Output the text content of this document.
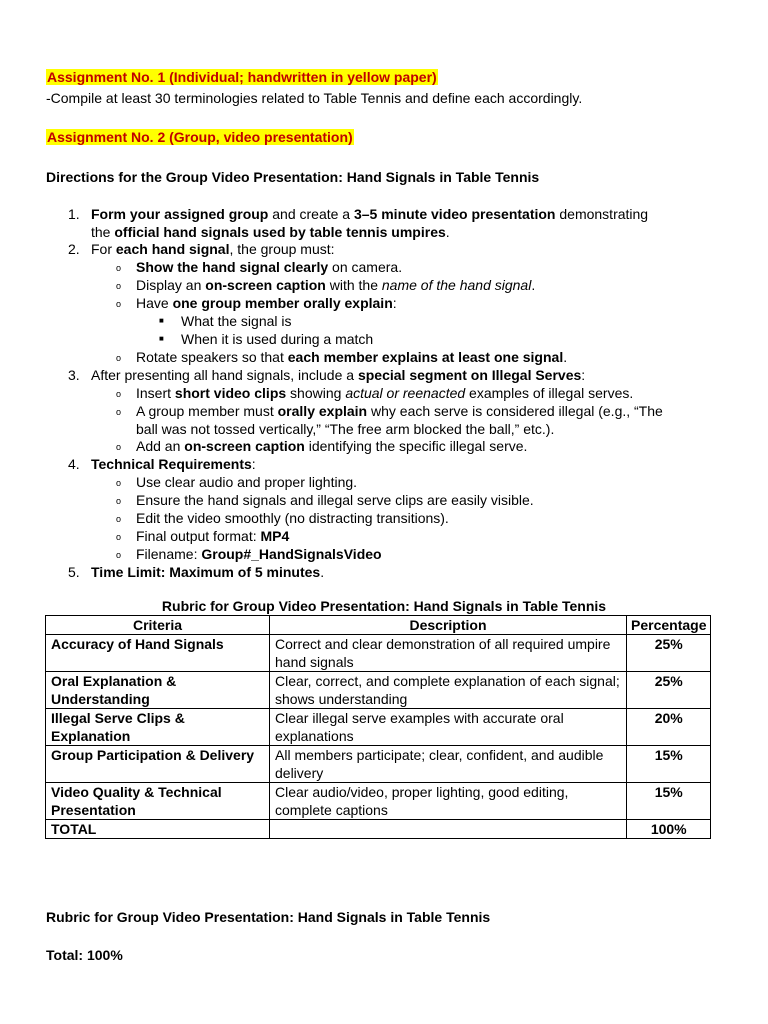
Assignment No. 1 (Individual; handwritten in yellow paper)
-Compile at least 30 terminologies related to Table Tennis and define each accordingly.
Assignment No. 2 (Group, video presentation)
Directions for the Group Video Presentation: Hand Signals in Table Tennis
1. Form your assigned group and create a 3–5 minute video presentation demonstrating
the official hand signals used by table tennis umpires.
2. For each hand signal, the group must:
o Show the hand signal clearly on camera.
o Display an on-screen caption with the name of the hand signal.
o Have one group member orally explain:
■ What the signal is
■ When it is used during a match
o Rotate speakers so that each member explains at least one signal.
3. After presenting all hand signals, include a special segment on Illegal Serves:
o Insert short video clips showing actual or reenacted examples of illegal serves.
o A group member must orally explain why each serve is considered illegal (e.g., “The
ball was not tossed vertically,” “The free arm blocked the ball,” etc.).
o Add an on-screen caption identifying the specific illegal serve.
4. Technical Requirements:
o Use clear audio and proper lighting.
o Ensure the hand signals and illegal serve clips are easily visible.
o Edit the video smoothly (no distracting transitions).
o Final output format: MP4
o Filename: Group#_HandSignalsVideo
5. Time Limit: Maximum of 5 minutes.
Rubric for Group Video Presentation: Hand Signals in Table Tennis
Criteria	Description	Percentage
Accuracy of Hand Signals	Correct and clear demonstration of all required umpire hand signals	25%
Oral Explanation & Understanding	Clear, correct, and complete explanation of each signal; shows understanding	25%
Illegal Serve Clips & Explanation	Clear illegal serve examples with accurate oral explanations	20%
Group Participation & Delivery	All members participate; clear, confident, and audible delivery	15%
Video Quality & Technical Presentation	Clear audio/video, proper lighting, good editing, complete captions	15%
TOTAL		100%
Rubric for Group Video Presentation: Hand Signals in Table Tennis
Total: 100%
